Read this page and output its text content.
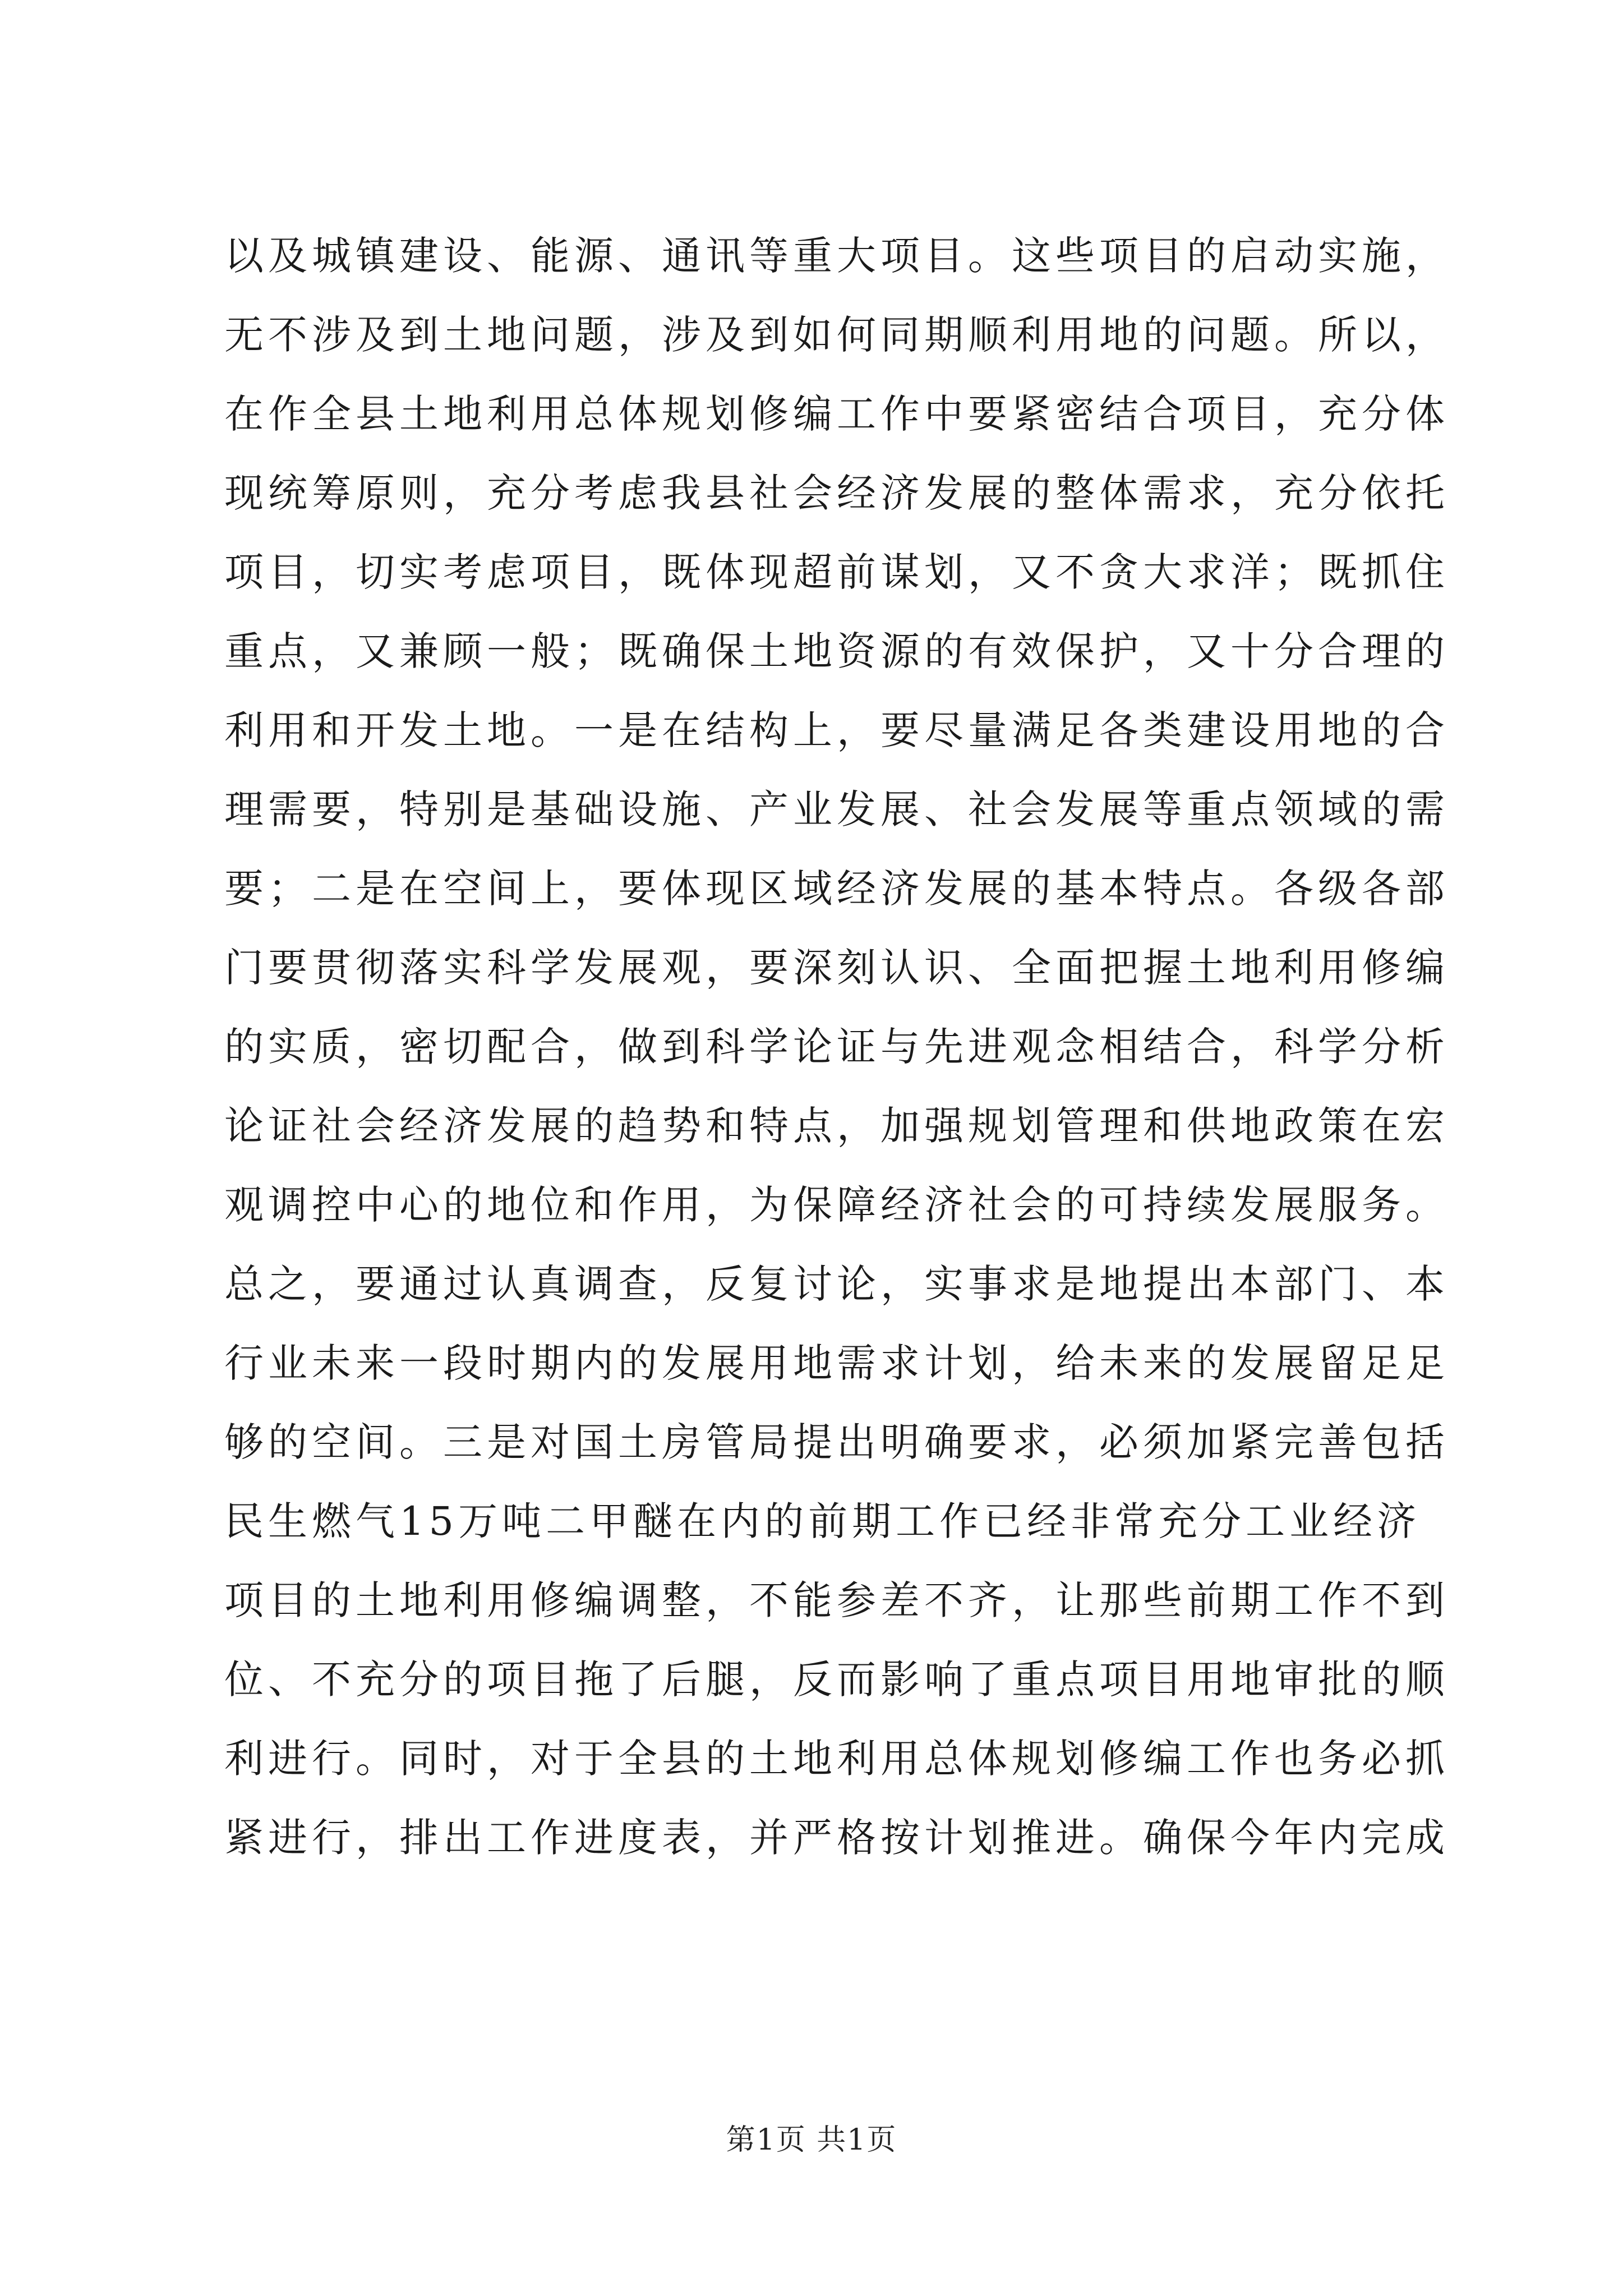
以及城镇建设、能源、通讯等重大项目。这些项目的启动实施，
无不涉及到土地问题，涉及到如何同期顺利用地的问题。所以，
在作全县土地利用总体规划修编工作中要紧密结合项目，充分体
现统筹原则，充分考虑我县社会经济发展的整体需求，充分依托
项目，切实考虑项目，既体现超前谋划，又不贪大求洋；既抓住
重点，又兼顾一般；既确保土地资源的有效保护，又十分合理的
利用和开发土地。一是在结构上，要尽量满足各类建设用地的合
理需要，特别是基础设施、产业发展、社会发展等重点领域的需
要；二是在空间上，要体现区域经济发展的基本特点。各级各部
门要贯彻落实科学发展观，要深刻认识、全面把握土地利用修编
的实质，密切配合，做到科学论证与先进观念相结合，科学分析
论证社会经济发展的趋势和特点，加强规划管理和供地政策在宏
观调控中心的地位和作用，为保障经济社会的可持续发展服务。
总之，要通过认真调查，反复讨论，实事求是地提出本部门、本
行业未来一段时期内的发展用地需求计划，给未来的发展留足足
够的空间。三是对国土房管局提出明确要求，必须加紧完善包括
民生燃气15万吨二甲醚在内的前期工作已经非常充分工业经济
项目的土地利用修编调整，不能参差不齐，让那些前期工作不到
位、不充分的项目拖了后腿，反而影响了重点项目用地审批的顺
利进行。同时，对于全县的土地利用总体规划修编工作也务必抓
紧进行，排出工作进度表，并严格按计划推进。确保今年内完成
第1页 共1页
